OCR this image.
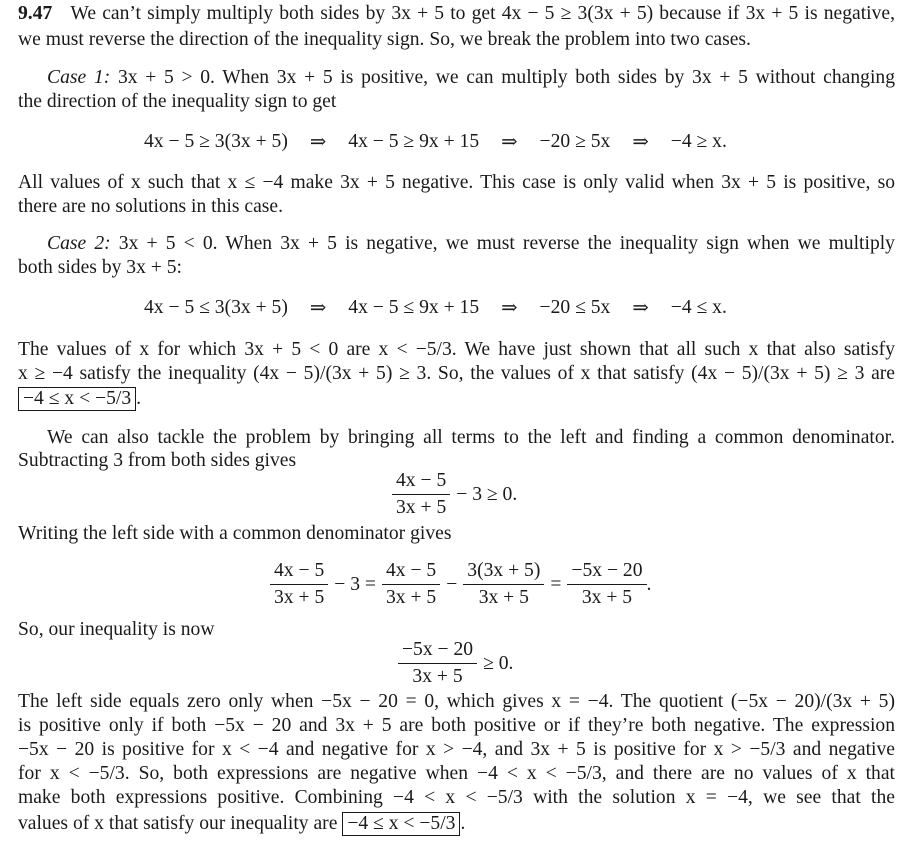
9.47 We can’t simply multiply both sides by 3x + 5 to get 4x − 5 ≥ 3(3x + 5) because if 3x + 5 is negative,
we must reverse the direction of the inequality sign. So, we break the problem into two cases.
Case 1: 3x + 5 > 0. When 3x + 5 is positive, we can multiply both sides by 3x + 5 without changing
the direction of the inequality sign to get
4x − 5 ≥ 3(3x + 5)	⇒	4x − 5 ≥ 9x + 15	⇒	−20 ≥ 5x	⇒	−4 ≥ x.
All values of x such that x ≤ −4 make 3x + 5 negative. This case is only valid when 3x + 5 is positive, so
there are no solutions in this case.
Case 2: 3x + 5 < 0. When 3x + 5 is negative, we must reverse the inequality sign when we multiply
both sides by 3x + 5:
4x − 5 ≤ 3(3x + 5)	⇒	4x − 5 ≤ 9x + 15	⇒	−20 ≤ 5x	⇒	−4 ≤ x.
The values of x for which 3x + 5 < 0 are x < −5/3. We have just shown that all such x that also satisfy
x ≥ −4 satisfy the inequality (4x − 5)/(3x + 5) ≥ 3. So, the values of x that satisfy (4x − 5)/(3x + 5) ≥ 3 are
−4 ≤ x < −5/3 .
We can also tackle the problem by bringing all terms to the left and finding a common denominator.
Subtracting 3 from both sides gives
$\frac{4x - 5}{3x + 5} - 3 \ge 0$.
Writing the left side with a common denominator gives
$\frac{4x - 5}{3x + 5} - 3 = \frac{4x - 5}{3x + 5} - \frac{3(3x + 5)}{3x + 5} = \frac{-5x - 20}{3x + 5}$ .
So, our inequality is now
$\frac{-5x - 20}{3x + 5} \ge 0$.
The left side equals zero only when −5x − 20 = 0, which gives x = −4. The quotient (−5x − 20)/(3x + 5)
is positive only if both −5x − 20 and 3x + 5 are both positive or if they’re both negative. The expression
−5x − 20 is positive for x < −4 and negative for x > −4, and 3x + 5 is positive for x > −5/3 and negative
for x < −5/3. So, both expressions are negative when −4 < x < −5/3, and there are no values of x that
make both expressions positive. Combining −4 < x < −5/3 with the solution x = −4, we see that the
values of x that satisfy our inequality are −4 ≤ x < −5/3 .
